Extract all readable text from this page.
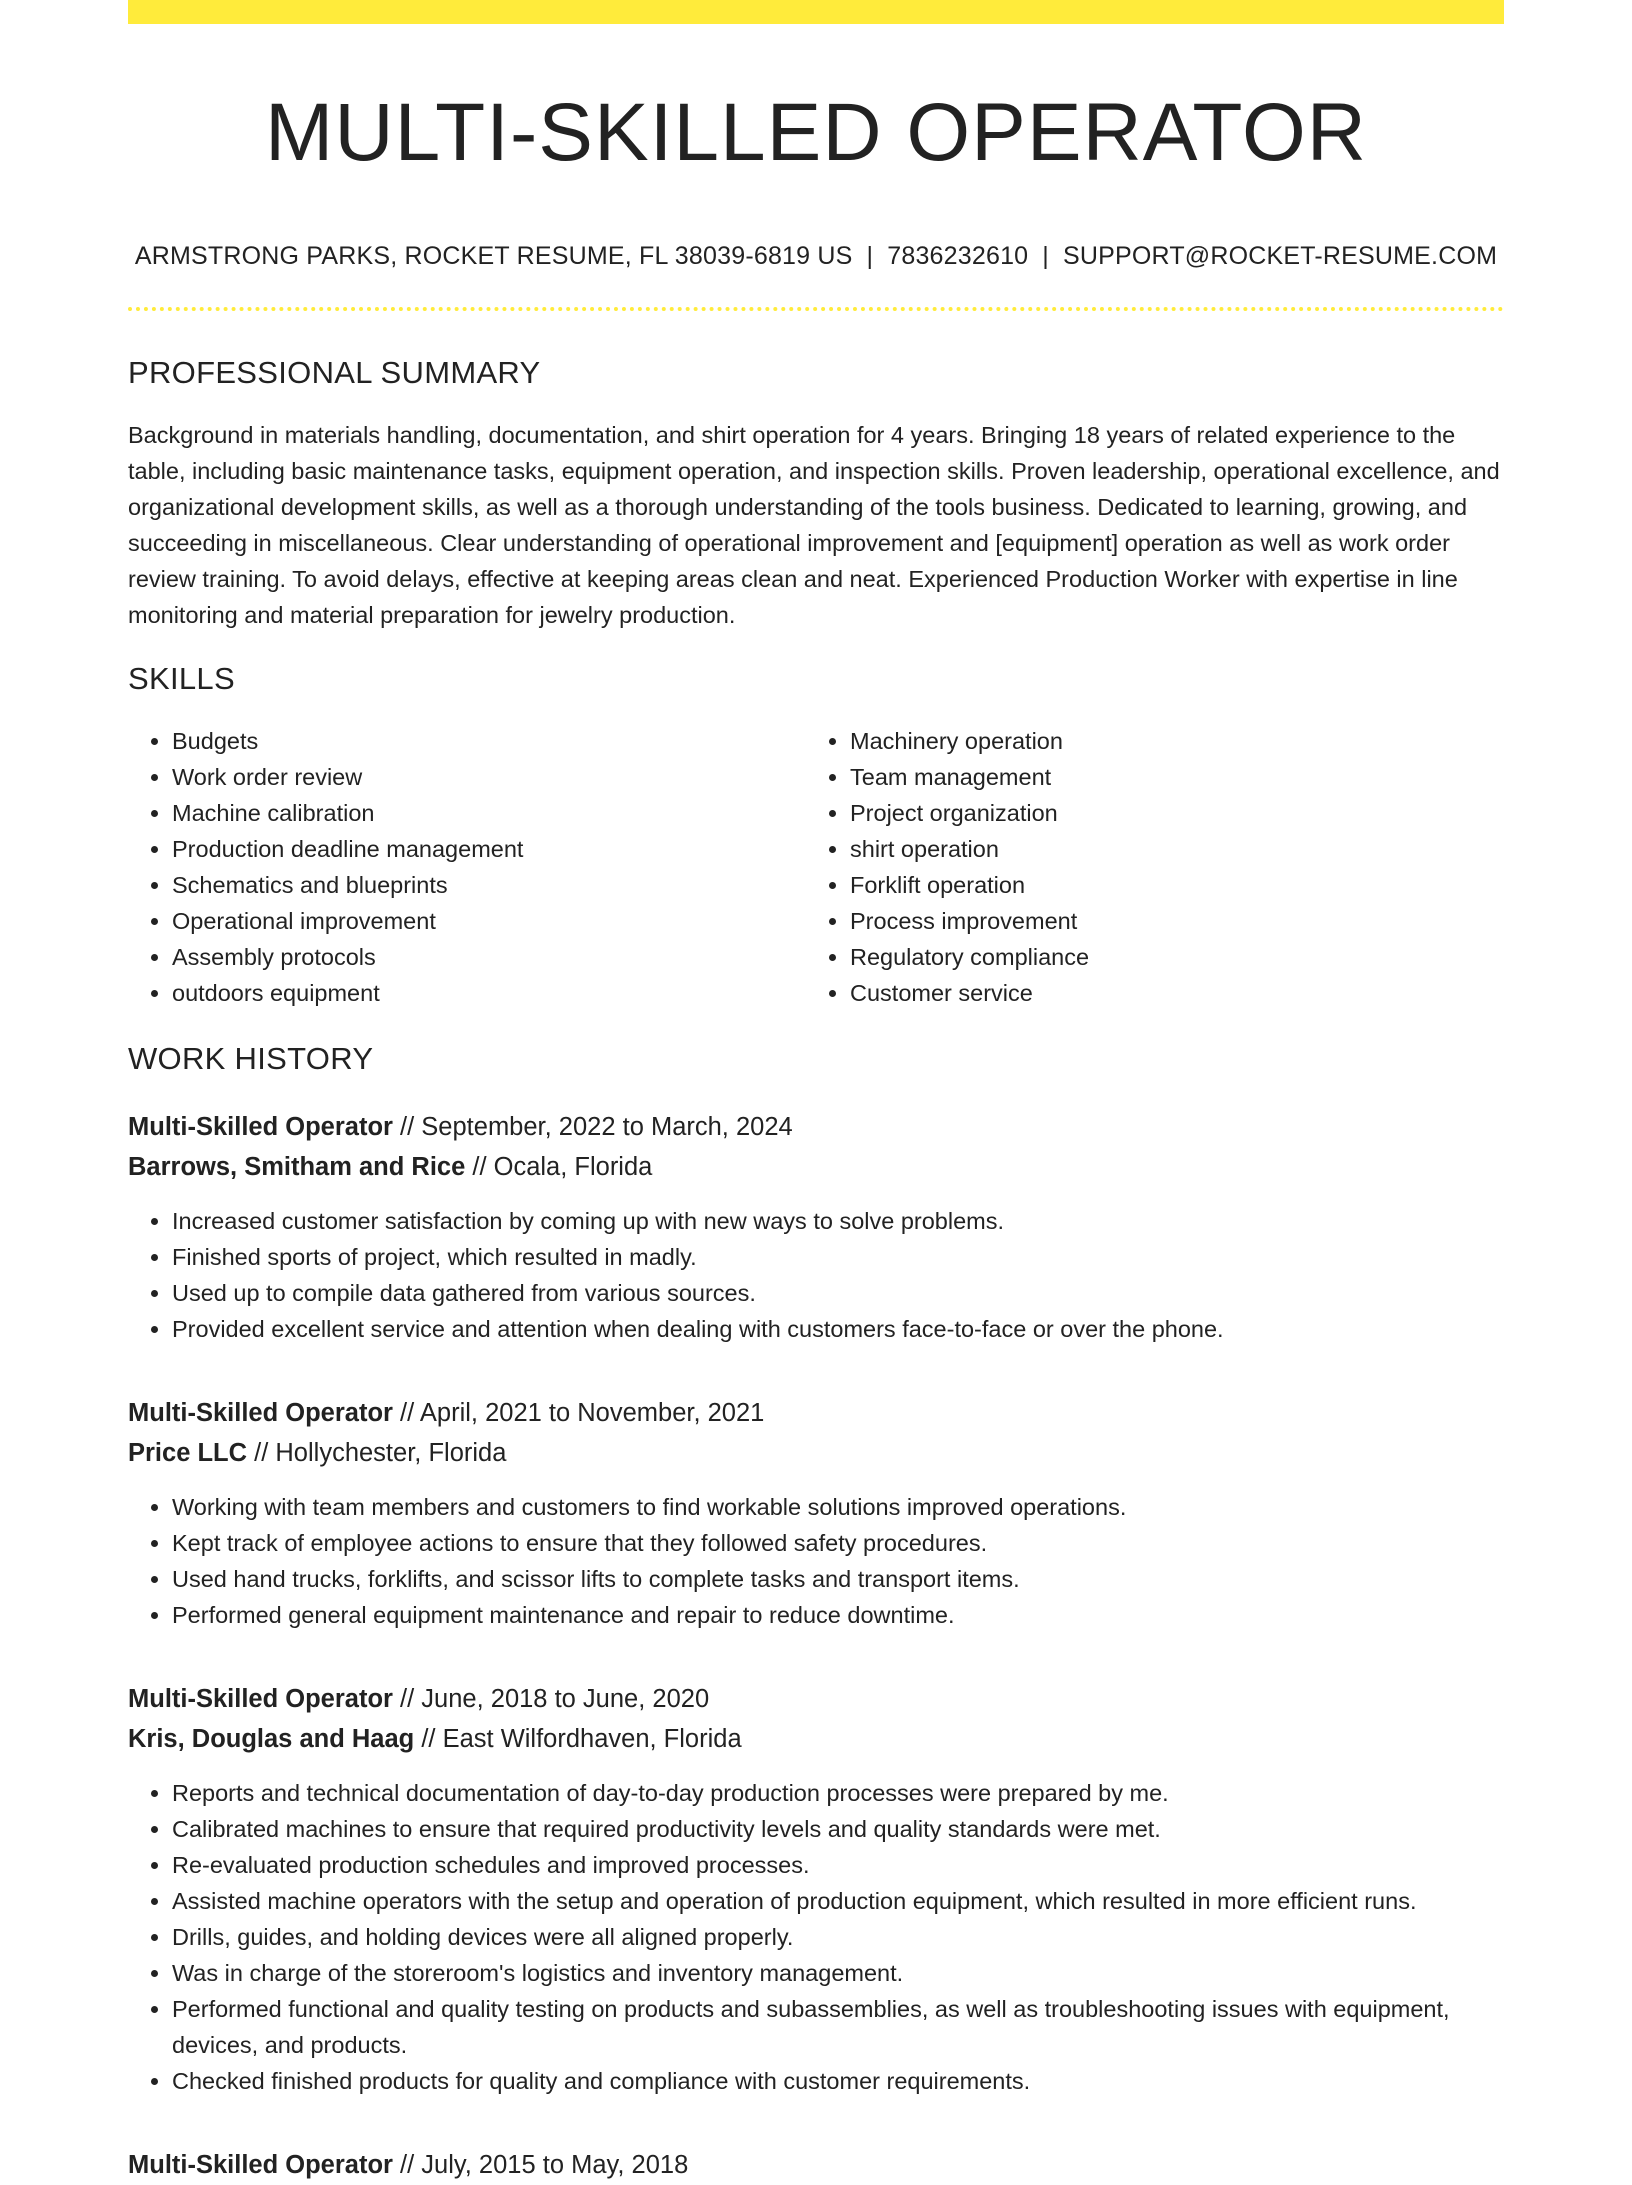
MULTI-SKILLED OPERATOR
ARMSTRONG PARKS, ROCKET RESUME, FL 38039-6819 US | 7836232610 | SUPPORT@ROCKET-RESUME.COM
PROFESSIONAL SUMMARY

Background in materials handling, documentation, and shirt operation for 4 years. Bringing 18 years of related experience to the table, including basic maintenance tasks, equipment operation, and inspection skills. Proven leadership, operational excellence, and organizational development skills, as well as a thorough understanding of the tools business. Dedicated to learning, growing, and succeeding in miscellaneous. Clear understanding of operational improvement and [equipment] operation as well as work order review training. To avoid delays, effective at keeping areas clean and neat. Experienced Production Worker with expertise in line monitoring and material preparation for jewelry production.

SKILLS
• Budgets
• Work order review
• Machine calibration
• Production deadline management
• Schematics and blueprints
• Operational improvement
• Assembly protocols
• outdoors equipment
• Machinery operation
• Team management
• Project organization
• shirt operation
• Forklift operation
• Process improvement
• Regulatory compliance
• Customer service
WORK HISTORY
Multi-Skilled Operator // September, 2022 to March, 2024
Barrows, Smitham and Rice // Ocala, Florida
• Increased customer satisfaction by coming up with new ways to solve problems.
• Finished sports of project, which resulted in madly.
• Used up to compile data gathered from various sources.
• Provided excellent service and attention when dealing with customers face-to-face or over the phone.
Multi-Skilled Operator // April, 2021 to November, 2021
Price LLC // Hollychester, Florida
• Working with team members and customers to find workable solutions improved operations.
• Kept track of employee actions to ensure that they followed safety procedures.
• Used hand trucks, forklifts, and scissor lifts to complete tasks and transport items.
• Performed general equipment maintenance and repair to reduce downtime.
Multi-Skilled Operator // June, 2018 to June, 2020
Kris, Douglas and Haag // East Wilfordhaven, Florida
• Reports and technical documentation of day-to-day production processes were prepared by me.
• Calibrated machines to ensure that required productivity levels and quality standards were met.
• Re-evaluated production schedules and improved processes.
• Assisted machine operators with the setup and operation of production equipment, which resulted in more efficient runs.
• Drills, guides, and holding devices were all aligned properly.
• Was in charge of the storeroom's logistics and inventory management.
• Performed functional and quality testing on products and subassemblies, as well as troubleshooting issues with equipment, devices, and products.
• Checked finished products for quality and compliance with customer requirements.
Multi-Skilled Operator // July, 2015 to May, 2018
